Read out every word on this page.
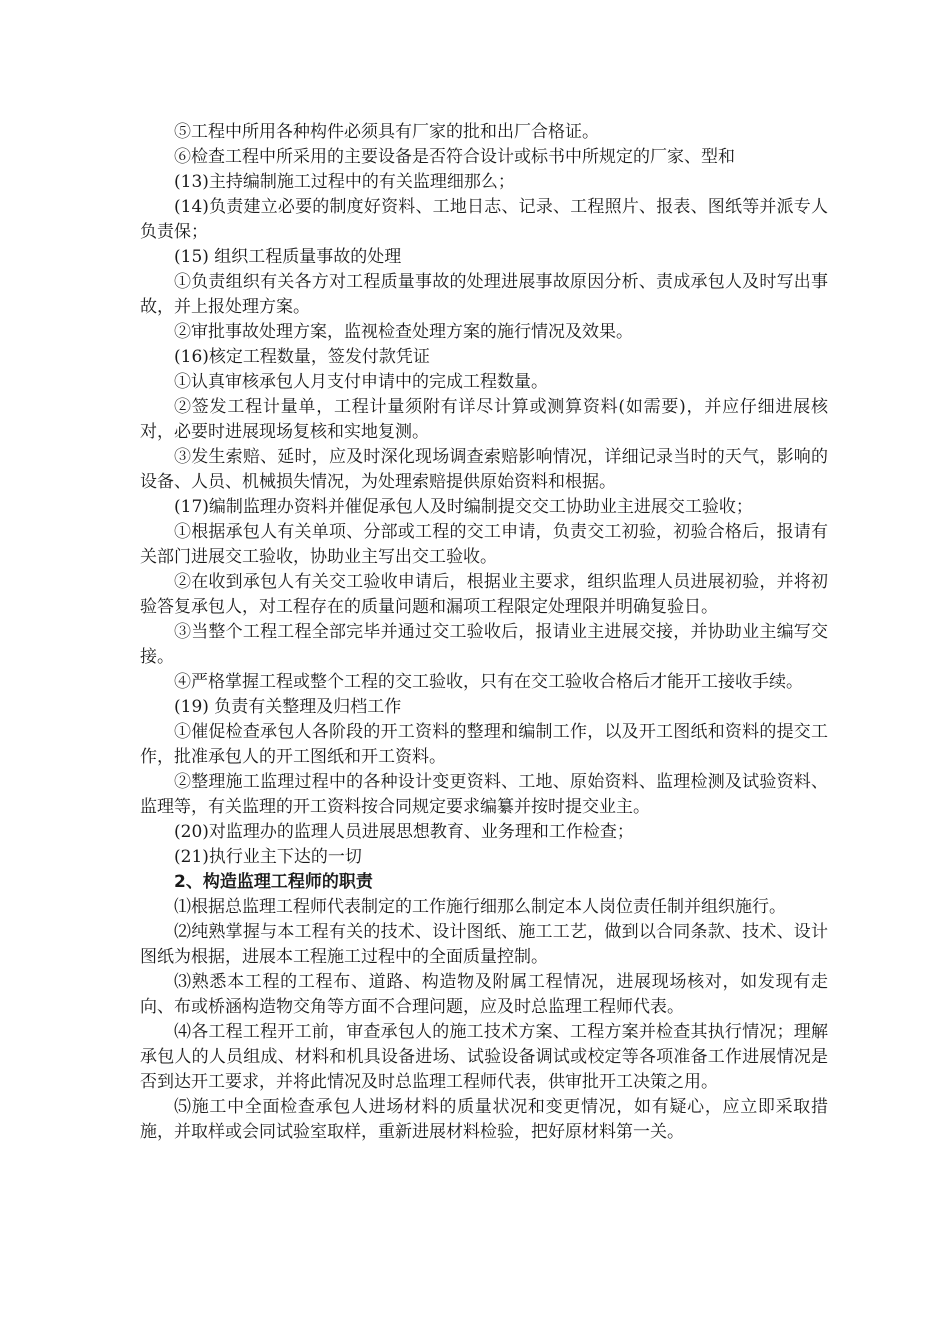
⑤工程中所用各种构件必须具有厂家的批和出厂合格证。

⑥检查工程中所采用的主要设备是否符合设计或标书中所规定的厂家、型和

(13)主持编制施工过程中的有关监理细那么；

(14)负责建立必要的制度好资料、工地日志、记录、工程照片、报表、图纸等并派专人负责保；

(15) 组织工程质量事故的处理

①负责组织有关各方对工程质量事故的处理进展事故原因分析、责成承包人及时写出事故，并上报处理方案。

②审批事故处理方案，监视检查处理方案的施行情况及效果。

(16)核定工程数量，签发付款凭证

①认真审核承包人月支付申请中的完成工程数量。

②签发工程计量单，工程计量须附有详尽计算或测算资料(如需要)，并应仔细进展核对，必要时进展现场复核和实地复测。

③发生索赔、延时，应及时深化现场调查索赔影响情况，详细记录当时的天气，影响的设备、人员、机械损失情况，为处理索赔提供原始资料和根据。

(17)编制监理办资料并催促承包人及时编制提交交工协助业主进展交工验收；

①根据承包人有关单项、分部或工程的交工申请，负责交工初验，初验合格后，报请有关部门进展交工验收，协助业主写出交工验收。

②在收到承包人有关交工验收申请后，根据业主要求，组织监理人员进展初验，并将初验答复承包人，对工程存在的质量问题和漏项工程限定处理限并明确复验日。

③当整个工程工程全部完毕并通过交工验收后，报请业主进展交接，并协助业主编写交接。

④严格掌握工程或整个工程的交工验收，只有在交工验收合格后才能开工接收手续。

(19) 负责有关整理及归档工作

①催促检查承包人各阶段的开工资料的整理和编制工作，以及开工图纸和资料的提交工作，批准承包人的开工图纸和开工资料。

②整理施工监理过程中的各种设计变更资料、工地、原始资料、监理检测及试验资料、监理等，有关监理的开工资料按合同规定要求编纂并按时提交业主。

(20)对监理办的监理人员进展思想教育、业务理和工作检查；

(21)执行业主下达的一切

2、构造监理工程师的职责

⑴根据总监理工程师代表制定的工作施行细那么制定本人岗位责任制并组织施行。

⑵纯熟掌握与本工程有关的技术、设计图纸、施工工艺，做到以合同条款、技术、设计图纸为根据，进展本工程施工过程中的全面质量控制。

⑶熟悉本工程的工程布、道路、构造物及附属工程情况，进展现场核对，如发现有走向、布或桥涵构造物交角等方面不合理问题，应及时总监理工程师代表。

⑷各工程工程开工前，审查承包人的施工技术方案、工程方案并检查其执行情况；理解承包人的人员组成、材料和机具设备进场、试验设备调试或校定等各项准备工作进展情况是否到达开工要求，并将此情况及时总监理工程师代表，供审批开工决策之用。

⑸施工中全面检查承包人进场材料的质量状况和变更情况，如有疑心，应立即采取措施，并取样或会同试验室取样，重新进展材料检验，把好原材料第一关。
